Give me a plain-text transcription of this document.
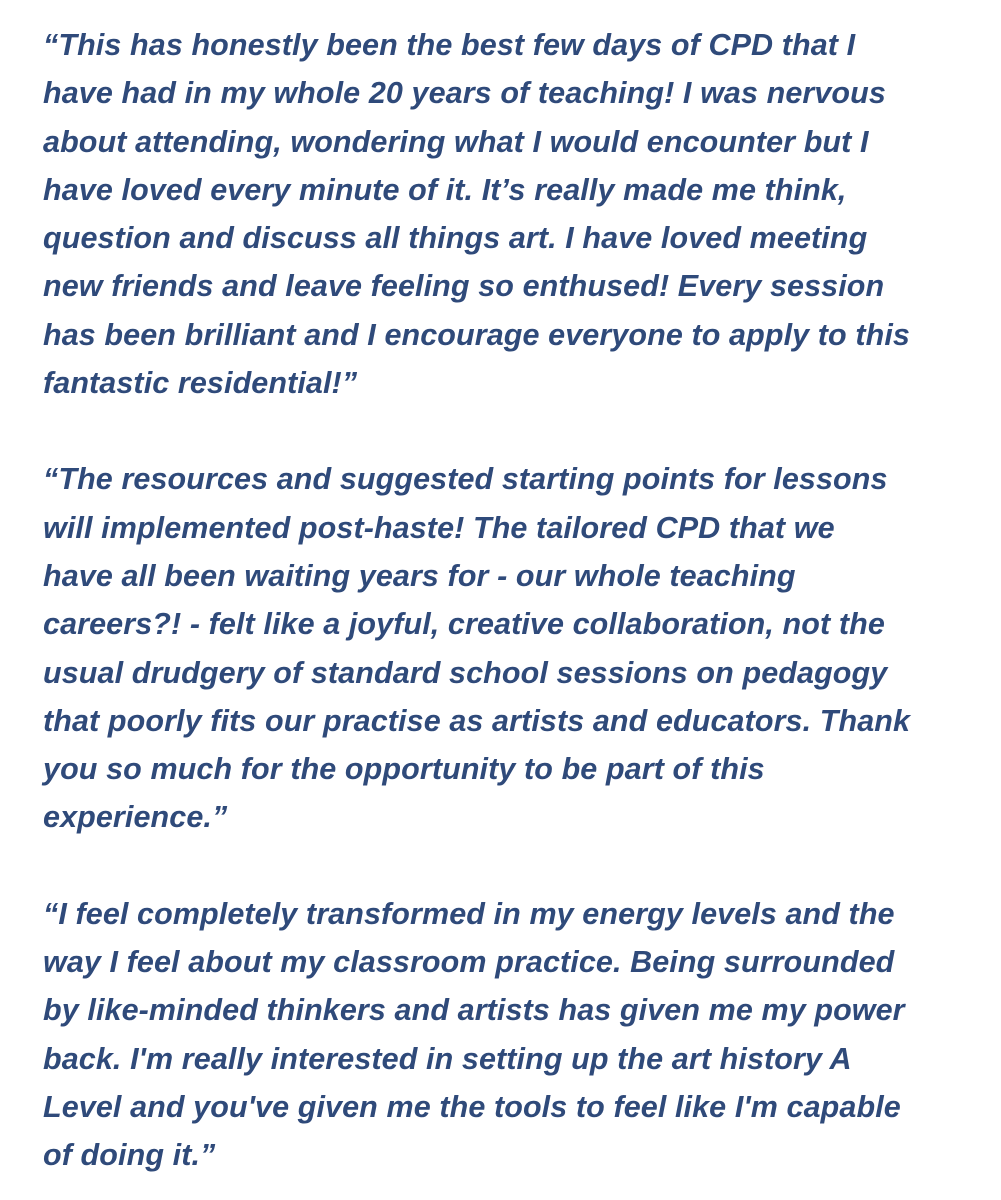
“This has honestly been the best few days of CPD that I
have had in my whole 20 years of teaching! I was nervous
about attending, wondering what I would encounter but I
have loved every minute of it. It’s really made me think,
question and discuss all things art. I have loved meeting
new friends and leave feeling so enthused! Every session
has been brilliant and I encourage everyone to apply to this
fantastic residential!”

“The resources and suggested starting points for lessons
will implemented post-haste! The tailored CPD that we
have all been waiting years for - our whole teaching
careers?! - felt like a joyful, creative collaboration, not the
usual drudgery of standard school sessions on pedagogy
that poorly fits our practise as artists and educators. Thank
you so much for the opportunity to be part of this
experience.”

“I feel completely transformed in my energy levels and the
way I feel about my classroom practice. Being surrounded
by like-minded thinkers and artists has given me my power
back. I'm really interested in setting up the art history A
Level and you've given me the tools to feel like I'm capable
of doing it.”
